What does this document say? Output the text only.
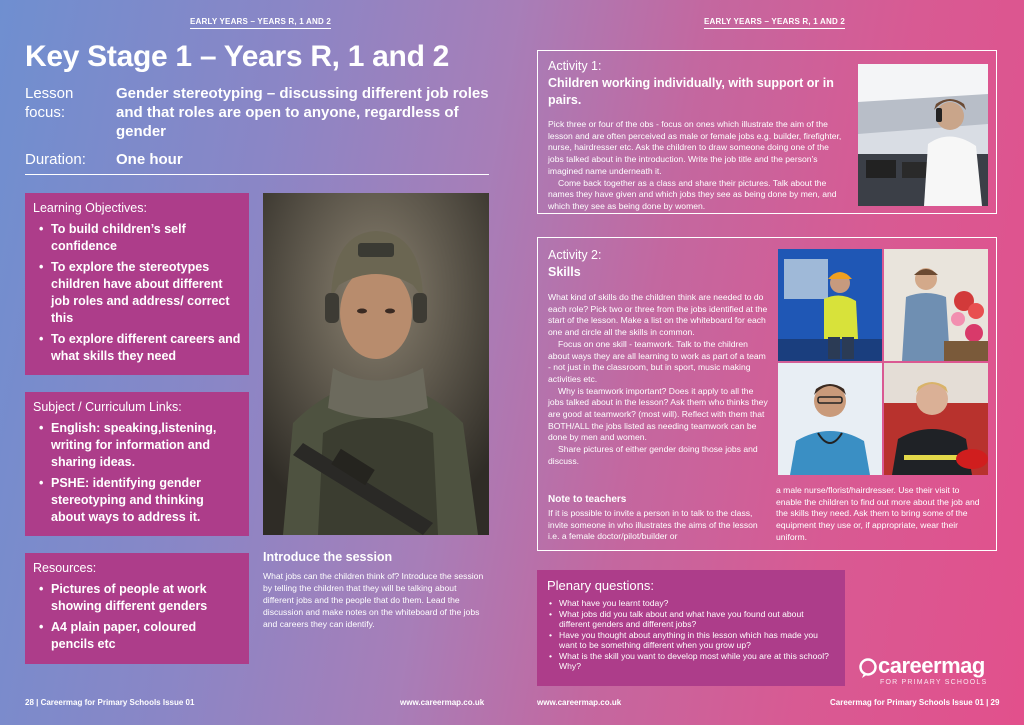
EARLY YEARS – YEARS R, 1 AND 2
Key Stage 1 – Years R, 1 and 2
Lesson focus:
Gender stereotyping – discussing different job roles and that roles are open to anyone, regardless of gender
Duration:	One hour
Learning Objectives:
• To build children’s self confidence
• To explore the stereotypes children have about different job roles and address/ correct this
• To explore different careers and what skills they need
Subject / Curriculum Links:
• English: speaking,listening, writing for information and sharing ideas.
• PSHE: identifying gender stereotyping and thinking about ways to address it.
Resources:
• Pictures of people at work showing different genders
• A4 plain paper, coloured pencils etc
Introduce the session
What jobs can the children think of? Introduce the session by telling the children that they will be talking about different jobs and the people that do them. Lead the discussion and make notes on the whiteboard of the jobs and careers they can identify.
28 | Careermag for Primary Schools Issue 01	www.careermap.co.uk
EARLY YEARS – YEARS R, 1 AND 2
Activity 1:
Children working individually, with support or in pairs.

Pick three or four of the obs - focus on ones which illustrate the aim of the lesson and are often perceived as male or female jobs e.g. builder, firefighter, nurse, hairdresser etc. Ask the children to draw someone doing one of the jobs talked about in the introduction. Write the job title and the person’s imagined name underneath it.

Come back together as a class and share their pictures. Talk about the names they have given and which jobs they see as being done by men, and which they see as being done by women.

Activity 2:
Skills

What kind of skills do the children think are needed to do each role? Pick two or three from the jobs identified at the start of the lesson. Make a list on the whiteboard for each one and circle all the skills in common.

Focus on one skill - teamwork. Talk to the children about ways they are all learning to work as part of a team - not just in the classroom, but in sport, music making activities etc.

Why is teamwork important? Does it apply to all the jobs talked about in the lesson? Ask them who thinks they are good at teamwork? (most will). Reflect with them that BOTH/ALL the jobs listed as needing teamwork can be done by men and women.

Share pictures of either gender doing those jobs and discuss.

Note to teachers
If it is possible to invite a person in to talk to the class, invite someone in who illustrates the aims of the lesson i.e. a female doctor/pilot/builder or
a male nurse/florist/hairdresser. Use their visit to enable the children to find out more about the job and the skills they need. Ask them to bring some of the equipment they use or, if appropriate, wear their uniform.
Plenary questions:
• What have you learnt today?
• What jobs did you talk about and what have you found out about different genders and different jobs?
• Have you thought about anything in this lesson which has made you want to be something different when you grow up?
• What is the skill you want to develop most while you are at this school? Why?	careermag
FOR PRIMARY SCHOOLS
www.careermap.co.uk	Careermag for Primary Schools Issue 01 | 29
